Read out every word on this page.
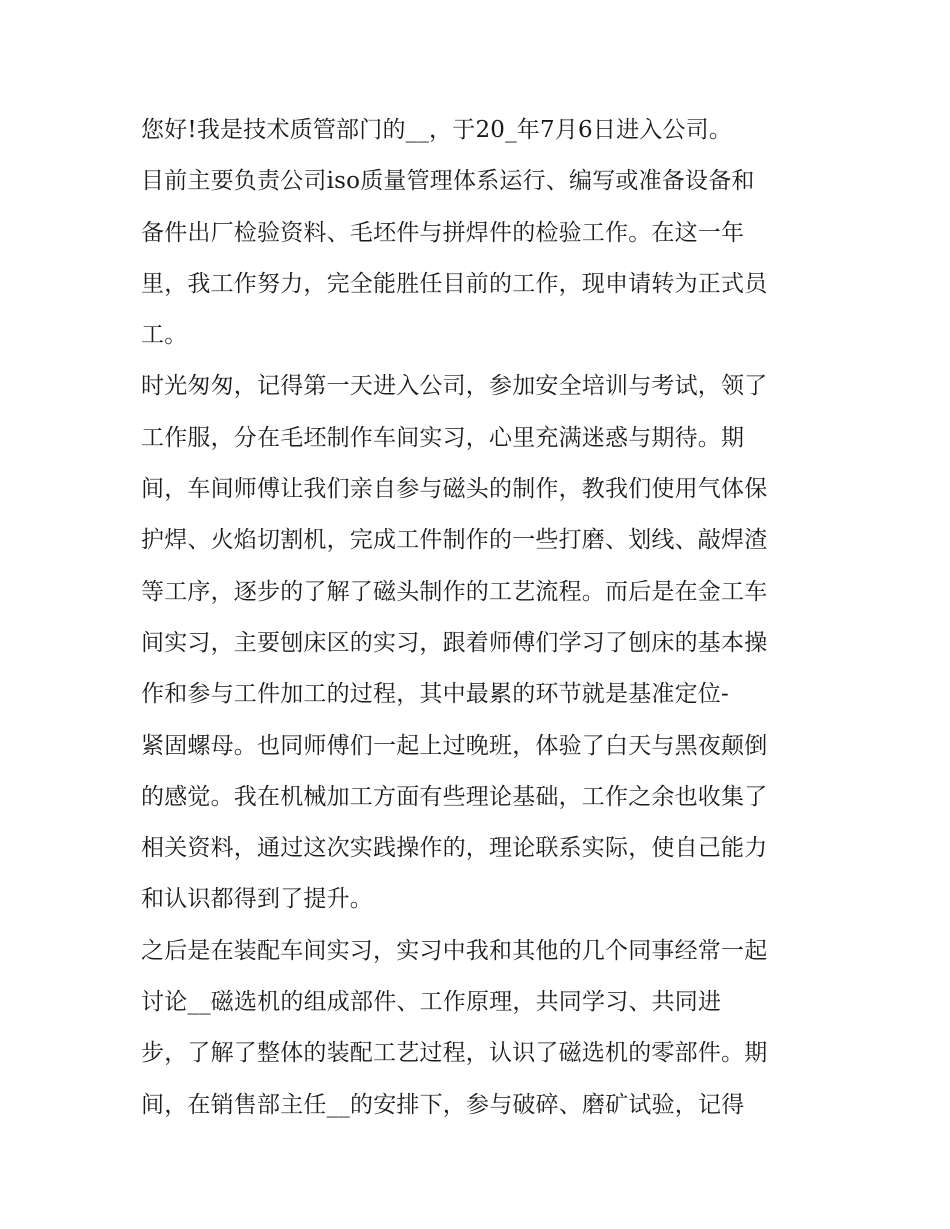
您好!我是技术质管部门的__，于20_年7月6日进入公司。
目前主要负责公司iso质量管理体系运行、编写或准备设备和
备件出厂检验资料、毛坯件与拼焊件的检验工作。在这一年
里，我工作努力，完全能胜任目前的工作，现申请转为正式员
工。
时光匆匆，记得第一天进入公司，参加安全培训与考试，领了
工作服，分在毛坯制作车间实习，心里充满迷惑与期待。期
间，车间师傅让我们亲自参与磁头的制作，教我们使用气体保
护焊、火焰切割机，完成工件制作的一些打磨、划线、敲焊渣
等工序，逐步的了解了磁头制作的工艺流程。而后是在金工车
间实习，主要刨床区的实习，跟着师傅们学习了刨床的基本操
作和参与工件加工的过程，其中最累的环节就是基准定位-
紧固螺母。也同师傅们一起上过晚班，体验了白天与黑夜颠倒
的感觉。我在机械加工方面有些理论基础，工作之余也收集了
相关资料，通过这次实践操作的，理论联系实际，使自己能力
和认识都得到了提升。
之后是在装配车间实习，实习中我和其他的几个同事经常一起
讨论__磁选机的组成部件、工作原理，共同学习、共同进
步，了解了整体的装配工艺过程，认识了磁选机的零部件。期
间，在销售部主任__的安排下，参与破碎、磨矿试验，记得
